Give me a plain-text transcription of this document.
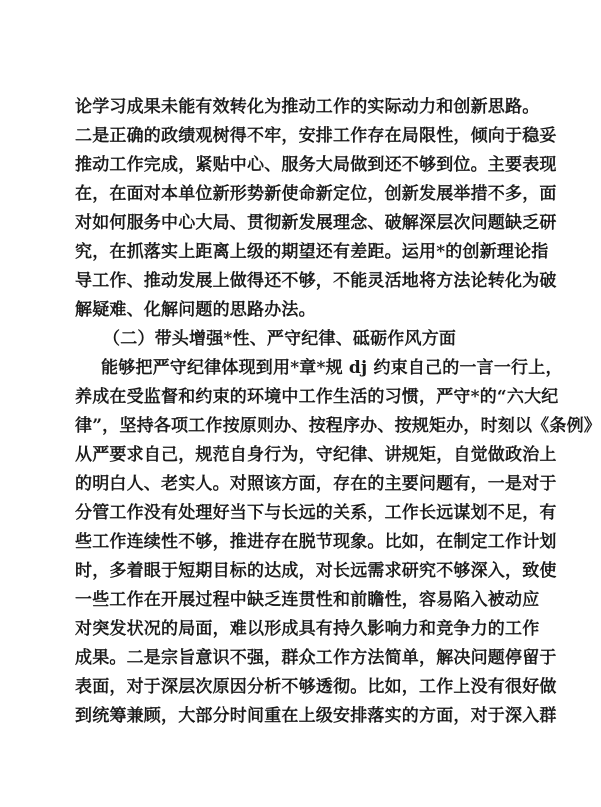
论学习成果未能有效转化为推动工作的实际动力和创新思路。
二是正确的政绩观树得不牢，安排工作存在局限性，倾向于稳妥
推动工作完成，紧贴中心、服务大局做到还不够到位。主要表现
在，在面对本单位新形势新使命新定位，创新发展举措不多，面
对如何服务中心大局、贯彻新发展理念、破解深层次问题缺乏研
究，在抓落实上距离上级的期望还有差距。运用*的创新理论指
导工作、推动发展上做得还不够，不能灵活地将方法论转化为破
解疑难、化解问题的思路办法。
（二）带头增强*性、严守纪律、砥砺作风方面
能够把严守纪律体现到用*章*规 dj 约束自己的一言一行上，
养成在受监督和约束的环境中工作生活的习惯，严守*的“六大纪
律”，坚持各项工作按原则办、按程序办、按规矩办，时刻以《条例》
从严要求自己，规范自身行为，守纪律、讲规矩，自觉做政治上
的明白人、老实人。对照该方面，存在的主要问题有，一是对于
分管工作没有处理好当下与长远的关系，工作长远谋划不足，有
些工作连续性不够，推进存在脱节现象。比如，在制定工作计划
时，多着眼于短期目标的达成，对长远需求研究不够深入，致使
一些工作在开展过程中缺乏连贯性和前瞻性，容易陷入被动应
对突发状况的局面，难以形成具有持久影响力和竞争力的工作
成果。二是宗旨意识不强，群众工作方法简单，解决问题停留于
表面，对于深层次原因分析不够透彻。比如，工作上没有很好做
到统筹兼顾，大部分时间重在上级安排落实的方面，对于深入群
